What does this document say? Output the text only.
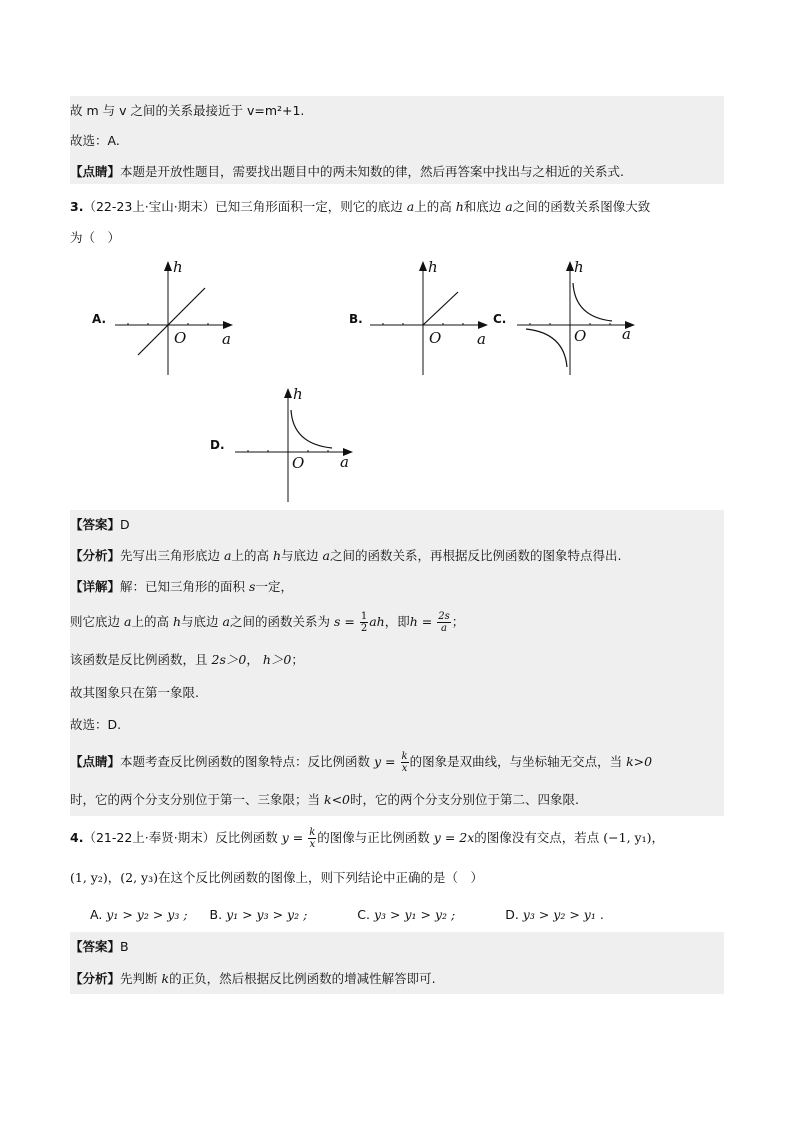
故 m 与 v 之间的关系最接近于 v=m²+1.
故选：A.
【点睛】本题是开放性题目，需要找出题目中的两未知数的律，然后再答案中找出与之相近的关系式.
3.（22-23上·宝山·期末）已知三角形面积一定，则它的底边 a上的高 h和底边 a之间的函数关系图像大致
为（　）
A.
h
a
O
B.
h
a
O
C.
h
a
O
D.
h
a
O
【答案】D
【分析】先写出三角形底边 a上的高 h与底边 a之间的函数关系，再根据反比例函数的图象特点得出.
【详解】解：已知三角形的面积 s一定，
则它底边 a上的高 h与底边 a之间的函数关系为 $s = \frac{1}{2}$ ah，即$h = \frac{2s}{a}$ ；
该函数是反比例函数，且 2s＞0， h＞0；
故其图象只在第一象限.
故选：D.
【点睛】本题考查反比例函数的图象特点：反比例函数 $y = \frac{k}{x}$ 的图象是双曲线，与坐标轴无交点，当 k>0
时，它的两个分支分别位于第一、三象限；当 k<0时，它的两个分支分别位于第二、四象限.
4.（21-22上·奉贤·期末）反比例函数 $y = \frac{k}{x}$ 的图像与正比例函数 y = 2x的图像没有交点，若点 (−1, y₁)，
(1, y₂)，(2, y₃)在这个反比例函数的图像上，则下列结论中正确的是（　）
A. y₁ > y₂ > y₃ ; B. y₁ > y₃ > y₂ ;	C. y₃ > y₁ > y₂ ;	D. y₃ > y₂ > y₁ .
【答案】B
【分析】先判断 k的正负，然后根据反比例函数的增减性解答即可.
